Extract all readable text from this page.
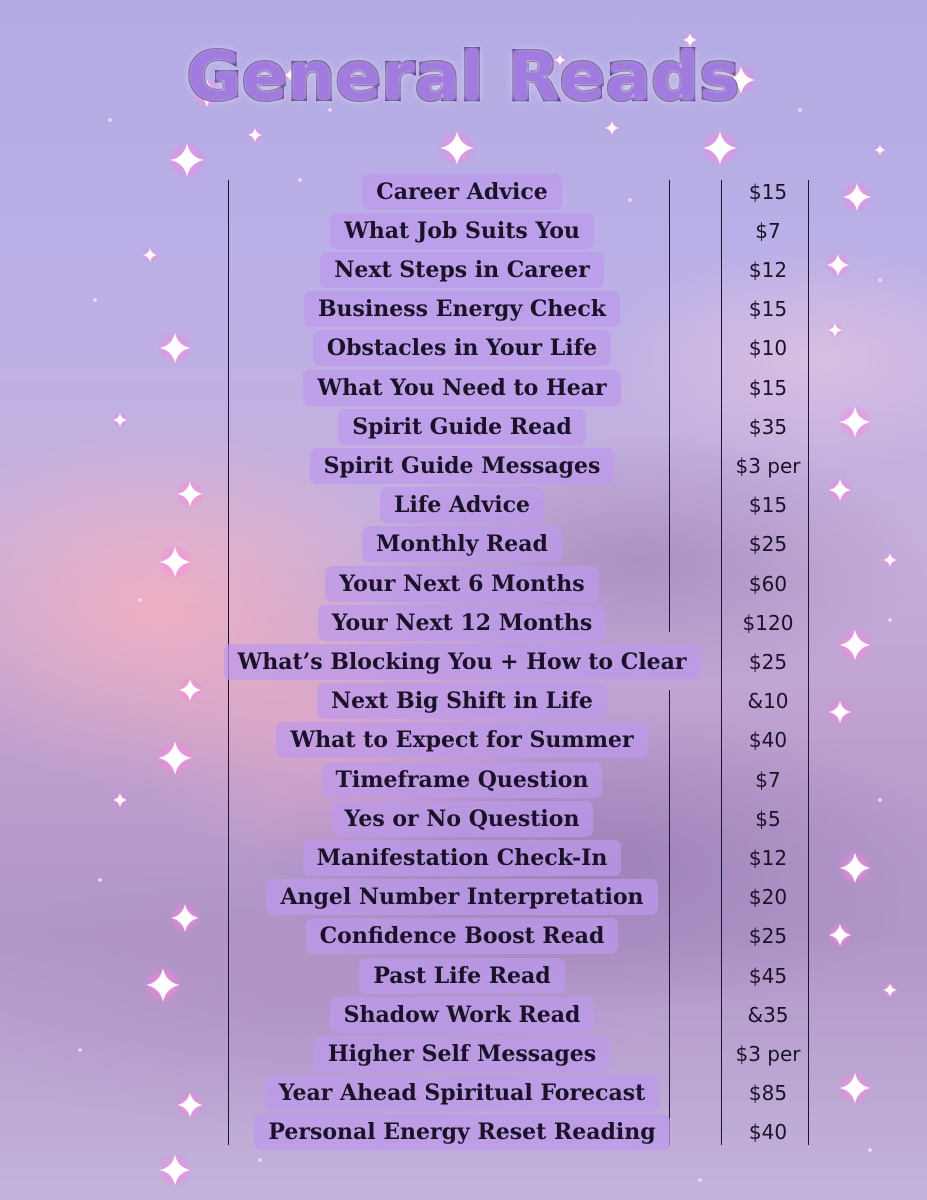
General Reads
Career Advice	$15
What Job Suits You	$7
Next Steps in Career	$12
Business Energy Check	$15
Obstacles in Your Life	$10
What You Need to Hear	$15
Spirit Guide Read	$35
Spirit Guide Messages	$3 per
Life Advice	$15
Monthly Read	$25
Your Next 6 Months	$60
Your Next 12 Months	$120
What’s Blocking You + How to Clear	$25
Next Big Shift in Life	&10
What to Expect for Summer	$40
Timeframe Question	$7
Yes or No Question	$5
Manifestation Check-In	$12
Angel Number Interpretation	$20
Confidence Boost Read	$25
Past Life Read	$45
Shadow Work Read	&35
Higher Self Messages	$3 per
Year Ahead Spiritual Forecast	$85
Personal Energy Reset Reading	$40
